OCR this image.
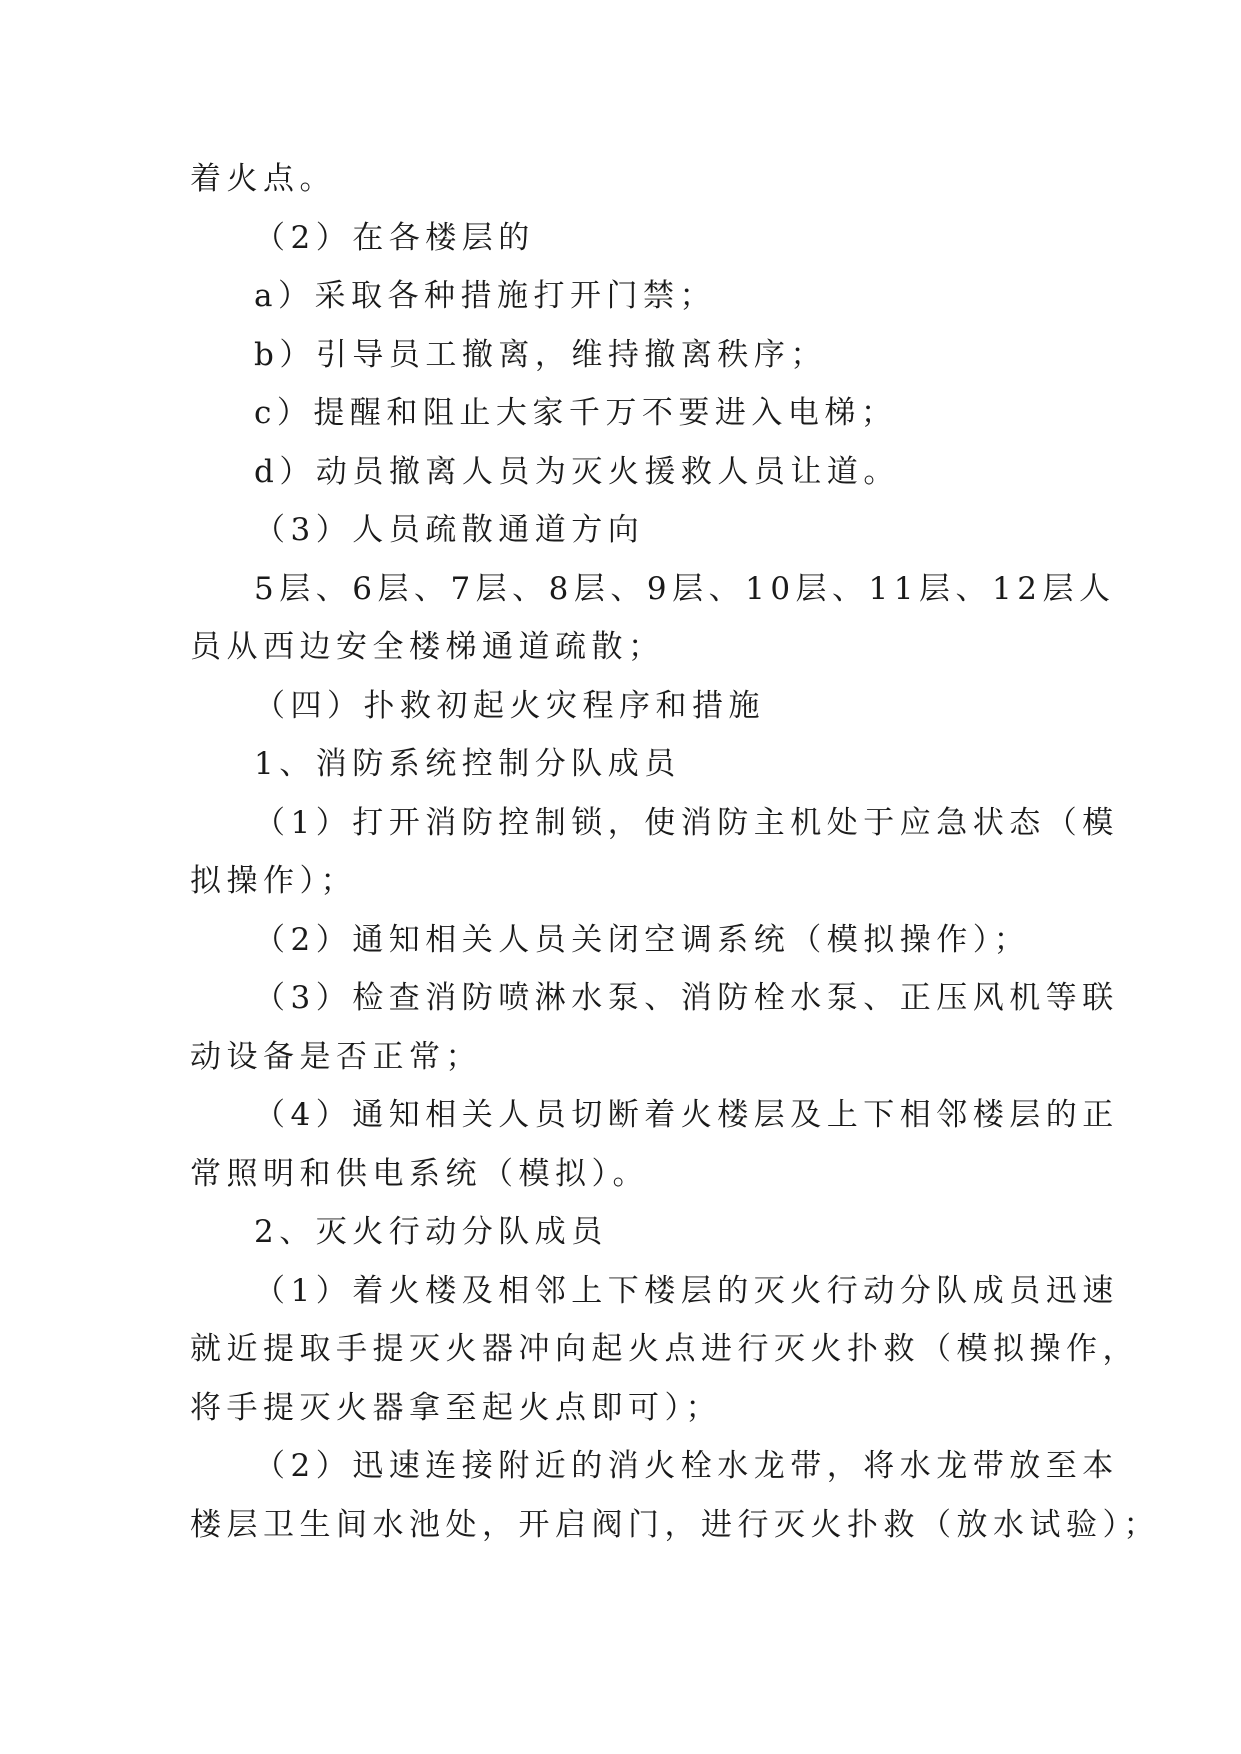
着火点。
（2）在各楼层的
a）采取各种措施打开门禁；
b）引导员工撤离，维持撤离秩序；
c）提醒和阻止大家千万不要进入电梯；
d）动员撤离人员为灭火援救人员让道。
（3）人员疏散通道方向
5层、6层、7层、8层、9层、10层、11层、12层人
员从西边安全楼梯通道疏散；
（四）扑救初起火灾程序和措施
1、消防系统控制分队成员
（1）打开消防控制锁，使消防主机处于应急状态（模
拟操作）；
（2）通知相关人员关闭空调系统（模拟操作）；
（3）检查消防喷淋水泵、消防栓水泵、正压风机等联
动设备是否正常；
（4）通知相关人员切断着火楼层及上下相邻楼层的正
常照明和供电系统（模拟）。
2、灭火行动分队成员
（1）着火楼及相邻上下楼层的灭火行动分队成员迅速
就近提取手提灭火器冲向起火点进行灭火扑救（模拟操作，
将手提灭火器拿至起火点即可）；
（2）迅速连接附近的消火栓水龙带，将水龙带放至本
楼层卫生间水池处，开启阀门，进行灭火扑救（放水试验）；
